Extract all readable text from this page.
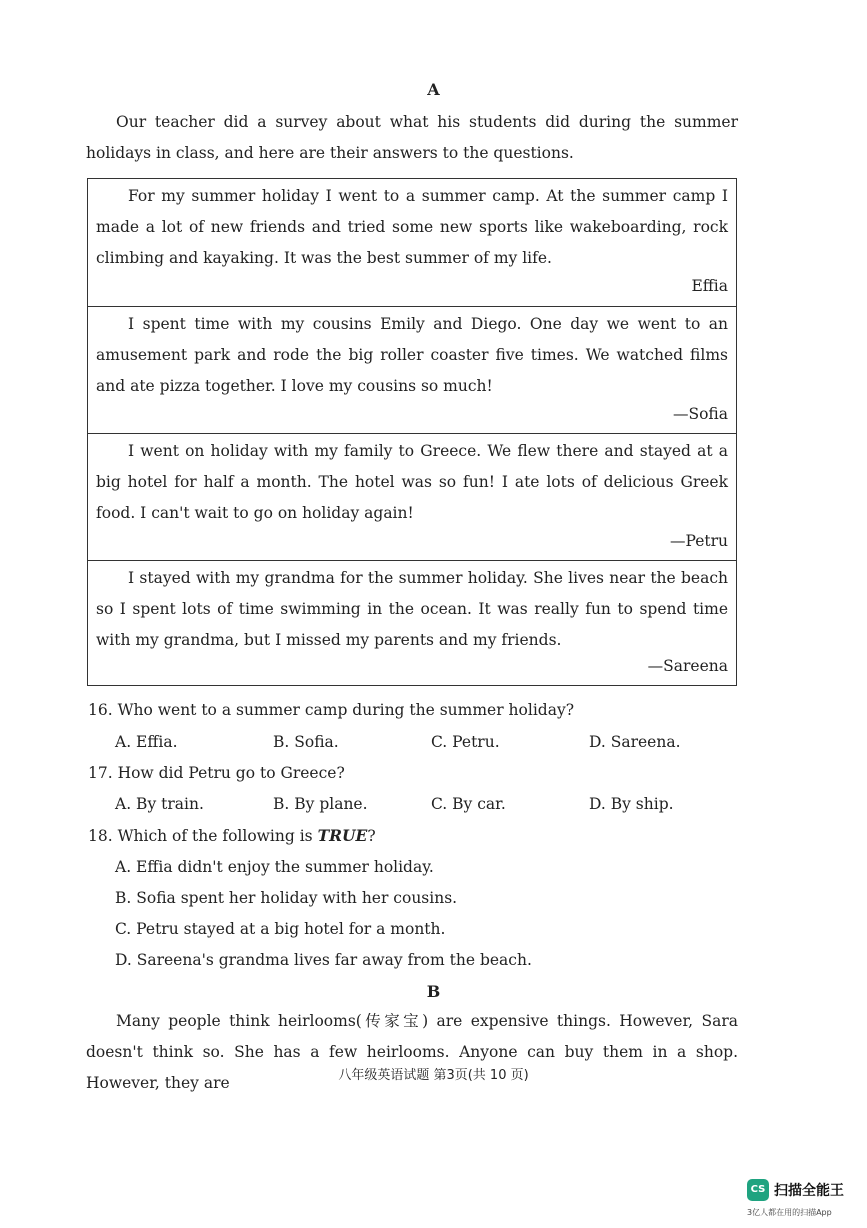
A
Our teacher did a survey about what his students did during the summer holidays in class, and here are their answers to the questions.
For my summer holiday I went to a summer camp. At the summer camp I made a lot of new friends and tried some new sports like wakeboarding, rock climbing and kayaking. It was the best summer of my life.
Effia
I spent time with my cousins Emily and Diego. One day we went to an amusement park and rode the big roller coaster five times. We watched films and ate pizza together. I love my cousins so much!
—Sofia
I went on holiday with my family to Greece. We flew there and stayed at a big hotel for half a month. The hotel was so fun! I ate lots of delicious Greek food. I can't wait to go on holiday again!
—Petru
I stayed with my grandma for the summer holiday. She lives near the beach so I spent lots of time swimming in the ocean. It was really fun to spend time with my grandma, but I missed my parents and my friends.
—Sareena
16. Who went to a summer camp during the summer holiday?
A. Effia.	B. Sofia.	C. Petru.	D. Sareena.
17. How did Petru go to Greece?
A. By train.	B. By plane.	C. By car.	D. By ship.
18. Which of the following is TRUE?
A. Effia didn't enjoy the summer holiday.
B. Sofia spent her holiday with her cousins.
C. Petru stayed at a big hotel for a month.
D. Sareena's grandma lives far away from the beach.
B
Many people think heirlooms(传家宝) are expensive things. However, Sara doesn't think so. She has a few heirlooms. Anyone can buy them in a shop. However, they are	八年级英语试题 第3页(共 10 页)
CS 扫描全能王
3亿人都在用的扫描App
